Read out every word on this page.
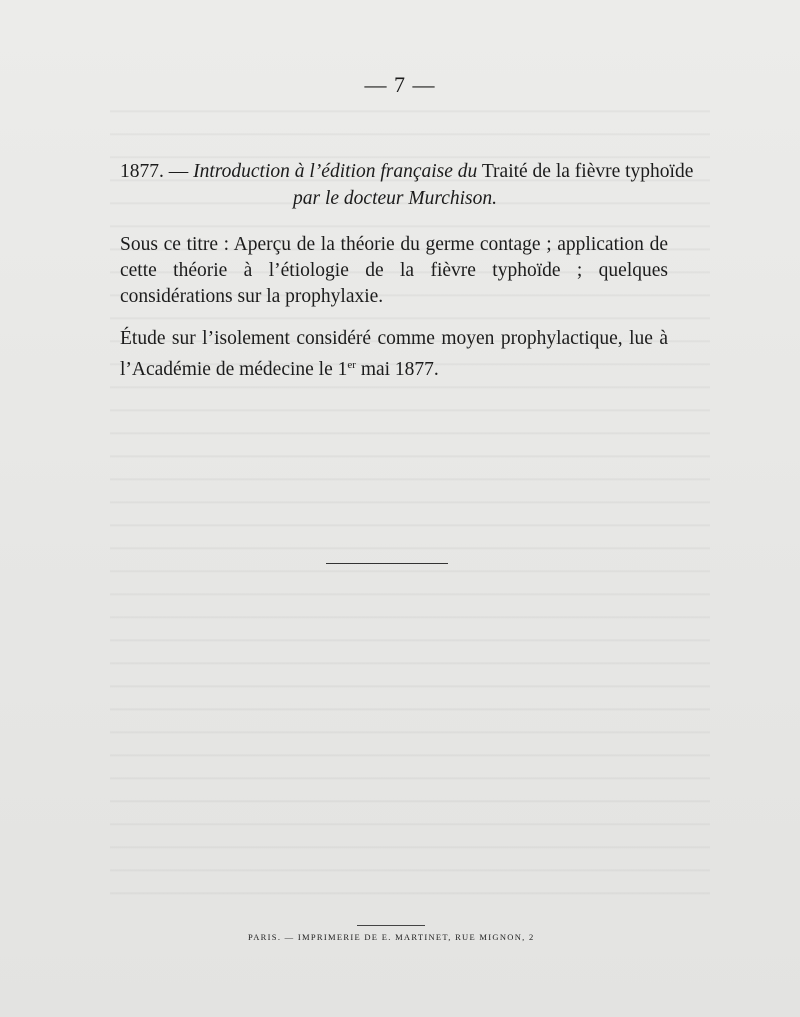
— 7 —
1877. — Introduction à l’édition française du Traité de la fièvre typhoïde
par le docteur Murchison.
Sous ce titre : Aperçu de la théorie du germe contage ; application de cette théorie à l’étiologie de la fièvre typhoïde ; quelques considérations sur la prophylaxie.
Étude sur l’isolement considéré comme moyen prophylactique, lue à l’Académie de médecine le 1er mai 1877.
PARIS. — IMPRIMERIE DE E. MARTINET, RUE MIGNON, 2
